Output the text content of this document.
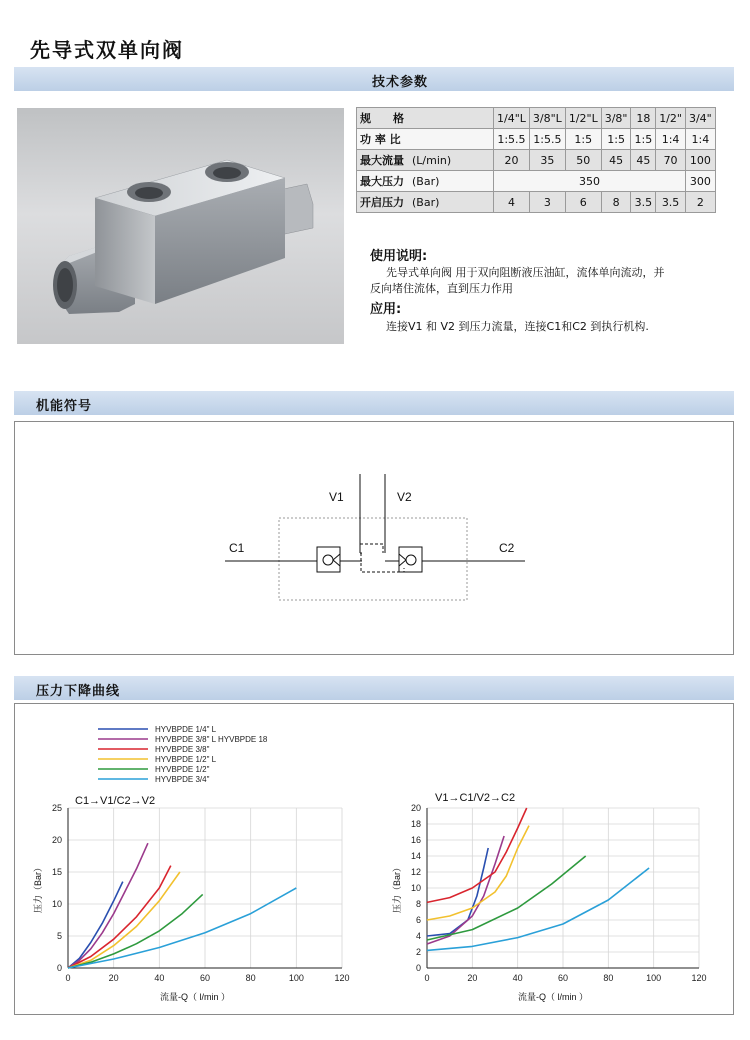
先导式双单向阀
技术参数
规　　格	1/4"L	3/8"L	1/2"L	3/8"	18	1/2"	3/4"
功 率 比	1:5.5	1:5.5	1:5	1:5	1:5	1:4	1:4
最大流量 (L/min)	20	35	50	45	45	70	100
最大压力 (Bar)	350						300
开启压力 (Bar)	4	3	6	8	3.5	3.5	2
使用说明:
先导式单向阀 用于双向阻断液压油缸，流体单向流动，并
反向堵住流体，直到压力作用
应用:
连接V1 和 V2 到压力流量，连接C1和C2 到执行机构.
机能符号
V1	V2
C1	C2
压力下降曲线
HYVBPDE 1/4" L
HYVBPDE 3/8" L HYVBPDE 18
HYVBPDE 3/8"
HYVBPDE 1/2" L
HYVBPDE 1/2"
HYVBPDE 3/4"
0	20	40	60	80	100	120
0
5
10
15
20
25
C1→V1/C2→V2
流量-Q（ l/min ）
压力（Bar）
0	20	40	60	80	100	120
0
2
4
6
8
10
12
14
16
18
20
V1→C1/V2→C2
流量-Q（ l/min ）
压力（Bar）
